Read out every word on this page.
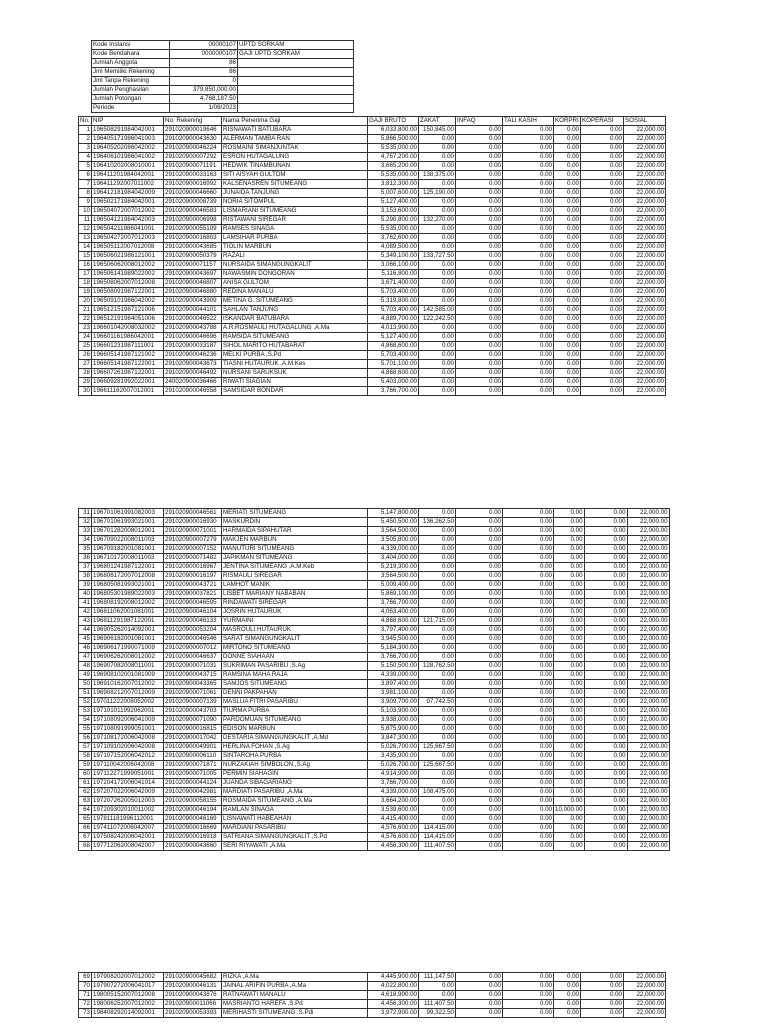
Kode Instansi	00000107	UPTD SORKAM
Kode Bendahara	0000000107	GAJI UPTD SORKAM
Jumlah Anggota	86	
Jml Memiliki Rekening	86	
Jml Tanpa Rekening	0	
Jumlah Penghasilan	379,850,000.00	
Jumlah Potongan	4,768,187.50	
Periode	1/08/2023	
No.	NIP	No. Rekening	Nama Penerima Gaji	GAJI BRUTO	ZAKAT	INFAQ	TALI KASIH	KORPRI	KOPERASI	SOSIAL
1	196508291984042001	291020900019646	RISNAWATI BATUBARA	6,033,800.00	150,845.00	0.00	0.00	0.00	0.00	22,000.00
2	196405171986041003	291020900043630	ALERMAN TAMBA RAN	5,866,500.00	0.00	0.00	0.00	0.00	0.00	22,000.00
3	196405202086042002	291020900046224	ROSMAINI SIMANJUNTAK	5,535,000.00	0.00	0.00	0.00	0.00	0.00	22,000.00
4	196406101986041002	291020900007292	ESRON HUTAGALUNG	4,767,200.00	0.00	0.00	0.00	0.00	0.00	22,000.00
5	196410202008010001	291020900071191	HEDWIK TINAMBUNAN	3,665,200.00	0.00	0.00	0.00	0.00	0.00	22,000.00
6	196411201984042001	291020900033163	SITI AISYAH GULTOM	5,535,000.00	138,375.00	0.00	0.00	0.00	0.00	22,000.00
7	196411292007011002	291020900016992	KALSENASREN SITUMEANG	3,812,300.00	0.00	0.00	0.00	0.00	0.00	22,000.00
8	196412181984042009	291020900046660	JUNAIDA TANJUNG	5,007,600.00	125,190.00	0.00	0.00	0.00	0.00	22,000.00
9	196502171984042001	291020900008739	NORIA SITOMPUL	5,127,400.00	0.00	0.00	0.00	0.00	0.00	22,000.00
10	196504072007012002	291020900046583	LISMARIANI SITUMEANG	3,153,600.00	0.00	0.00	0.00	0.00	0.00	22,000.00
11	196504121984042003	291020900006998	RISTAWANI SIREGAR	5,290,800.00	132,270.00	0.00	0.00	0.00	0.00	22,000.00
12	196504211986041001	291020900055109	RAMSES SINAGA	5,535,000.00	0.00	0.00	0.00	0.00	0.00	22,000.00
13	196504272007012003	291020900016803	LAMSIHAR PURBA	3,762,600.00	0.00	0.00	0.00	0.00	0.00	22,000.00
14	196505112007012008	291020900043685	TIOLIN MARBUN	4,089,500.00	0.00	0.00	0.00	0.00	0.00	22,000.00
15	196506021986121001	291020900050379	RAZALI	5,349,100.00	133,727.50	0.00	0.00	0.00	0.00	22,000.00
16	196506062008012002	291020900071157	NURSAIDA SIMANGUNGKALIT	3,066,100.00	0.00	0.00	0.00	0.00	0.00	22,000.00
17	196506141989022002	291020900043697	NAWASMIN DONGORAN	5,116,800.00	0.00	0.00	0.00	0.00	0.00	22,000.00
18	196508062007012008	291020900046807	ANISA GULTOM	3,671,400.00	0.00	0.00	0.00	0.00	0.00	22,000.00
19	196508091987122001	291020900046880	REDINA MANALU	5,703,400.00	0.00	0.00	0.00	0.00	0.00	22,000.00
20	196509101986042002	291020900043909	METINA G. SITUMEANG	5,319,800.00	0.00	0.00	0.00	0.00	0.00	22,000.00
21	196512151987121006	291020900044101	SAHLAN TANJUNG	5,703,400.00	142,585.00	0.00	0.00	0.00	0.00	22,000.00
22	196512191984051006	291020900046522	ISKANDAR BATUBARA	4,889,700.00	122,242.50	0.00	0.00	0.00	0.00	22,000.00
23	196601042008032002	291020900043788	A.R.ROSMAULI HUTAGALUNG ,A.Ma	4,013,900.00	0.00	0.00	0.00	0.00	0.00	22,000.00
24	196601161986042001	291020900046696	RAMSIDA SITUMEANG	5,127,400.00	0.00	0.00	0.00	0.00	0.00	22,000.00
25	196601231987111001	291020900033187	SIHOL MARITO HUTABARAT	4,868,600.00	0.00	0.00	0.00	0.00	0.00	22,000.00
26	196605141987121002	291020900046236	MELKI PURBA ,S.Pd	5,703,400.00	0.00	0.00	0.00	0.00	0.00	22,000.00
27	196605141987122001	291020900043673	TIASNI HUTAURUK ,A.M.Kes	5,701,100.00	0.00	0.00	0.00	0.00	0.00	22,000.00
28	196607261987122001	291020900046492	NURSANI SARUKSUK	4,868,600.00	0.00	0.00	0.00	0.00	0.00	22,000.00
29	196609281992022001	240020900036466	RIWATI SIAGIAN	5,403,000.00	0.00	0.00	0.00	0.00	0.00	22,000.00
30	196611162007012001	291020900046558	SAMSIDAR BONDAR	3,766,700.00	0.00	0.00	0.00	0.00	0.00	22,000.00
31	196701061991082003	291020900046561	MERIATI SITUMEANG	5,147,800.00	0.00	0.00	0.00	0.00	0.00	22,000.00
32	196701061993021001	291020900016930	MASKURDIN	5,450,500.00	136,262.50	0.00	0.00	0.00	0.00	22,000.00
33	196701282008012001	291020900071001	HARMAIDA SIPAHUTAR	3,564,500.00	0.00	0.00	0.00	0.00	0.00	22,000.00
34	196709022008011003	291020900007279	MAKJEN MARBUN	3,505,800.00	0.00	0.00	0.00	0.00	0.00	22,000.00
35	196709182001081001	291020900007152	MANUTURI SITUMEANG	4,339,000.00	0.00	0.00	0.00	0.00	0.00	22,000.00
36	196710172008011003	291020900071482	JAPIKMAN SITUMEANG	3,404,000.00	0.00	0.00	0.00	0.00	0.00	22,000.00
37	196801241987122001	291020900016967	JENTINA SITUMEANG ,A.M.Keb	5,219,300.00	0.00	0.00	0.00	0.00	0.00	22,000.00
38	196808172007012008	291020900016197	RISMAULI SIREGAR	3,564,500.00	0.00	0.00	0.00	0.00	0.00	22,000.00
39	196805081993021001	291020900043721	LAMHOT MANIK	5,009,400.00	0.00	0.00	0.00	0.00	0.00	22,000.00
40	196805301989022003	291020900037821	LISBET MARIANY NABABAN	5,869,100.00	0.00	0.00	0.00	0.00	0.00	22,000.00
41	196808192008012002	291020900046595	RINDAWATI SIREGAR	3,766,700.00	0.00	0.00	0.00	0.00	0.00	22,000.00
42	196811062001081001	291020900046104	JOSRIN HUTAURUK	4,063,400.00	0.00	0.00	0.00	0.00	0.00	22,000.00
43	196811291987122001	291020900046133	YURMAINI	4,868,600.00	121,715.00	0.00	0.00	0.00	0.00	22,000.00
44	196905262014092001	291020900053204	MASROULI HUTAURUK	3,797,400.00	0.00	0.00	0.00	0.00	0.00	22,000.00
45	196906182001081001	291020900046546	SARAT SIMANGUNGKALIT	3,945,500.00	0.00	0.00	0.00	0.00	0.00	22,000.00
46	196906171990071009	291020900007012	MIRTONO SITUMEANG	5,184,300.00	0.00	0.00	0.00	0.00	0.00	22,000.00
47	196906262008012002	291020900046637	DONNE SIAHAAN	3,766,700.00	0.00	0.00	0.00	0.00	0.00	22,000.00
48	196907082008011001	291020900071031	SUKRIMAN PASARIBU ,S.Ag	5,150,500.00	128,762.50	0.00	0.00	0.00	0.00	22,000.00
49	196908102001081009	291020900043715	RAMSINA MAHA RAJA	4,339,000.00	0.00	0.00	0.00	0.00	0.00	22,000.00
50	196910162007012002	291020900043365	SAMJOS SITUMEANG	3,897,400.00	0.00	0.00	0.00	0.00	0.00	22,000.00
51	196908212007012009	291020900071061	DENNI PAKPAHAN	3,981,100.00	0.00	0.00	0.00	0.00	0.00	22,000.00
52	197011222008052002	291020900007139	MASLUA FITRI PASARIBU	3,909,700.00	97,742.50	0.00	0.00	0.00	0.00	22,000.00
53	197101011992062001	291020900043703	TIURMA PURBA	5,103,900.00	0.00	0.00	0.00	0.00	0.00	22,000.00
54	197108092006041009	291020900071090	PARDOMUAN SITUMEANG	3,938,000.00	0.00	0.00	0.00	0.00	0.00	22,000.00
55	197108091999051001	291020900016815	EDISON MARBUN	5,875,900.00	0.00	0.00	0.00	0.00	0.00	22,000.00
56	197108172006042008	291020900017042	DESTARIA SIMANGUNGKALIT ,A.Md	3,847,300.00	0.00	0.00	0.00	0.00	0.00	22,000.00
57	197109102006042008	291020900049901	HERLINA FOHAN ,S.Ag	5,026,700.00	125,667.50	0.00	0.00	0.00	0.00	22,000.00
58	197107152006042012	291020900006110	SINTAROHA PURBA	3,435,900.00	0.00	0.00	0.00	0.00	0.00	22,000.00
59	197110042006042008	291020900071871	NURZAKIAH SIMBOLON ,S.Ag	5,026,700.00	125,667.50	0.00	0.00	0.00	0.00	22,000.00
60	197112271999051001	291020900071005	PERMIN SIAHAGIN	4,914,900.00	0.00	0.00	0.00	0.00	0.00	22,000.00
61	197204172006041014	291020900044124	JUANDA SIBAGARIANG	3,766,700.00	0.00	0.00	0.00	0.00	0.00	22,000.00
62	197207022006042009	291020900042981	MARDIATI PASARIBU ,A.Ma	4,339,000.00	108,475.00	0.00	0.00	0.00	0.00	22,000.00
63	197207262005012003	291020900058155	ROSMAIDA SITUMEANG ,A.Ma	3,664,200.00	0.00	0.00	0.00	0.00	0.00	22,000.00
64	197209302010011002	291020900046194	RAMLAN SINAGA	3,539,600.00	0.00	0.00	0.00	10,000.00	0.00	22,000.00
65	197811181996112001	291020900046169	LISNAWATI HABEAHAN	4,415,400.00	0.00	0.00	0.00	0.00	0.00	22,000.00
66	197411072006042007	291020900016669	MARDIANI PASARIBU	4,576,600.00	114,415.00	0.00	0.00	0.00	0.00	22,000.00
67	197508242006042001	291020900016918	SATRIANA SIMANGUNGKALIT ,S.Pd	4,576,600.00	114,415.00	0.00	0.00	0.00	0.00	22,000.00
68	197712062008042007	291020900043660	SERI RIYAWATI ,A.Ma	4,456,300.00	111,407.50	0.00	0.00	0.00	0.00	22,000.00
69	197908202007012002	291020900045682	RIZKA ,A.Ma	4,445,900.00	111,147.50	0.00	0.00	0.00	0.00	22,000.00
70	197907272006041017	291020900046131	JAINAL ARIFIN PURBA ,A.Ma	4,022,800.00	0.00	0.00	0.00	0.00	0.00	22,000.00
71	198005152007012008	291020900043876	RATNAWATI MANALU	4,618,900.00	0.00	0.00	0.00	0.00	0.00	22,000.00
72	198006252007012002	291020900011066	MASRIANTO HAREFA ,S.Pd	4,456,300.00	111,407.50	0.00	0.00	0.00	0.00	22,000.00
73	198408292014092001	291020900053393	MERIHASTI SITUMEANG ,S.Pdi	3,972,900.00	99,322.50	0.00	0.00	0.00	0.00	22,000.00
